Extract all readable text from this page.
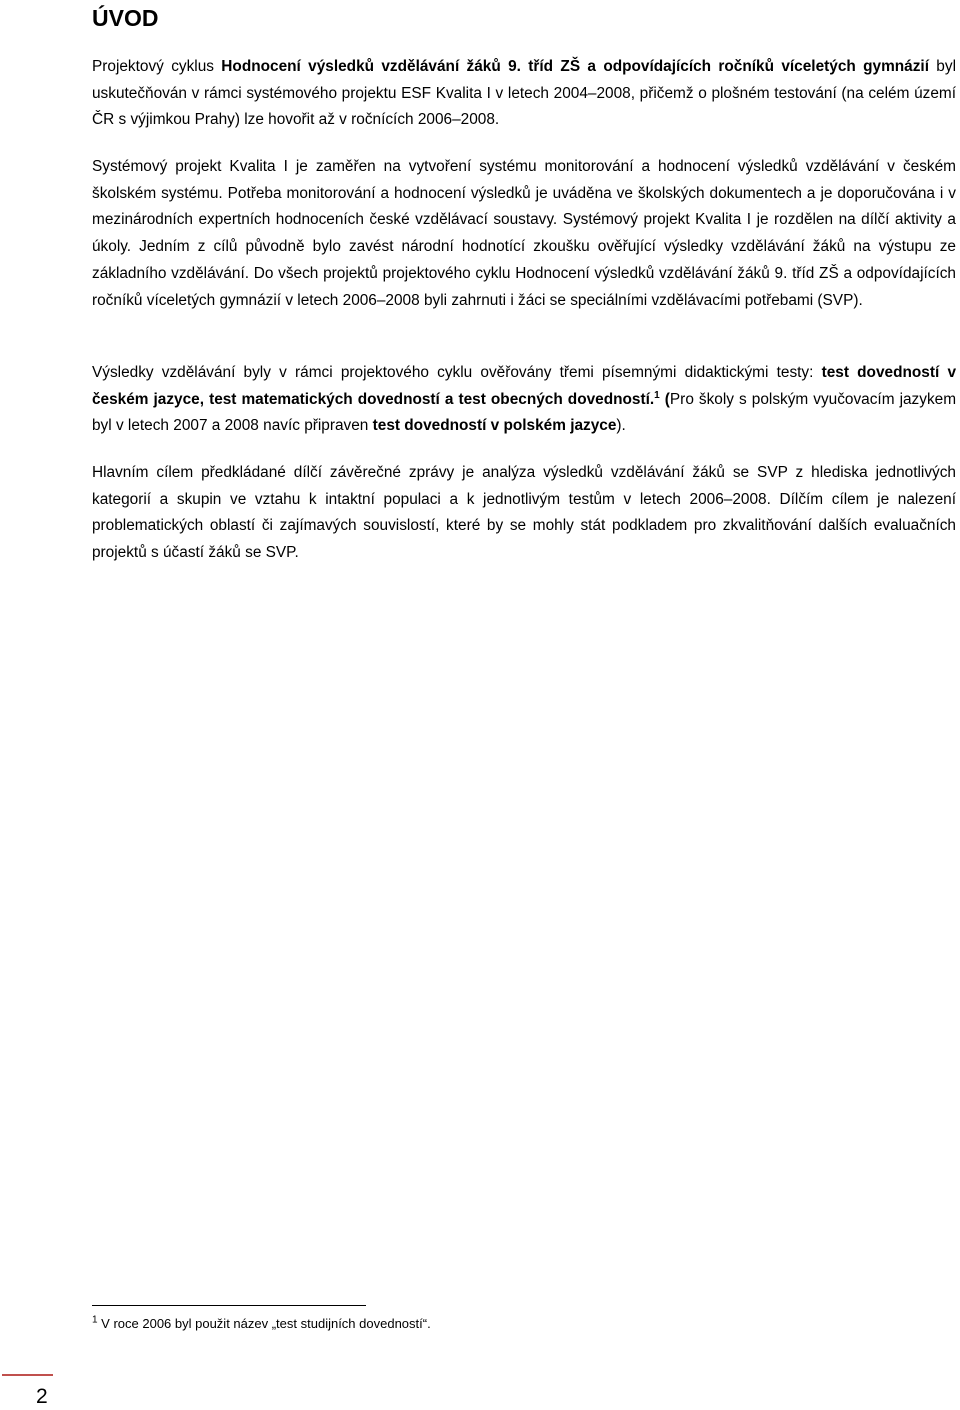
ÚVOD

Projektový cyklus Hodnocení výsledků vzdělávání žáků 9. tříd ZŠ a odpovídajících ročníků víceletých gymnázií byl uskutečňován v rámci systémového projektu ESF Kvalita I v letech 2004–2008, přičemž o plošném testování (na celém území ČR s výjimkou Prahy) lze hovořit až v ročnících 2006–2008.

Systémový projekt Kvalita I je zaměřen na vytvoření systému monitorování a hodnocení výsledků vzdělávání v českém školském systému. Potřeba monitorování a hodnocení výsledků je uváděna ve školských dokumentech a je doporučována i v mezinárodních expertních hodnoceních české vzdělávací soustavy. Systémový projekt Kvalita I je rozdělen na dílčí aktivity a úkoly. Jedním z cílů původně bylo zavést národní hodnotící zkoušku ověřující výsledky vzdělávání žáků na výstupu ze základního vzdělávání. Do všech projektů projektového cyklu Hodnocení výsledků vzdělávání žáků 9. tříd ZŠ a odpovídajících ročníků víceletých gymnázií v letech 2006–2008 byli zahrnuti i žáci se speciálními vzdělávacími potřebami (SVP).

Výsledky vzdělávání byly v rámci projektového cyklu ověřovány třemi písemnými didaktickými testy: test dovedností v českém jazyce, test matematických dovedností a test obecných dovedností.$^1$ (Pro školy s polským vyučovacím jazykem byl v letech 2007 a 2008 navíc připraven test dovedností v polském jazyce).

Hlavním cílem předkládané dílčí závěrečné zprávy je analýza výsledků vzdělávání žáků se SVP z hlediska jednotlivých kategorií a skupin ve vztahu k intaktní populaci a k jednotlivým testům v letech 2006–2008. Dílčím cílem je nalezení problematických oblastí či zajímavých souvislostí, které by se mohly stát podkladem pro zkvalitňování dalších evaluačních projektů s účastí žáků se SVP.

$^1$ V roce 2006 byl použit název „test studijních dovedností“.

2
